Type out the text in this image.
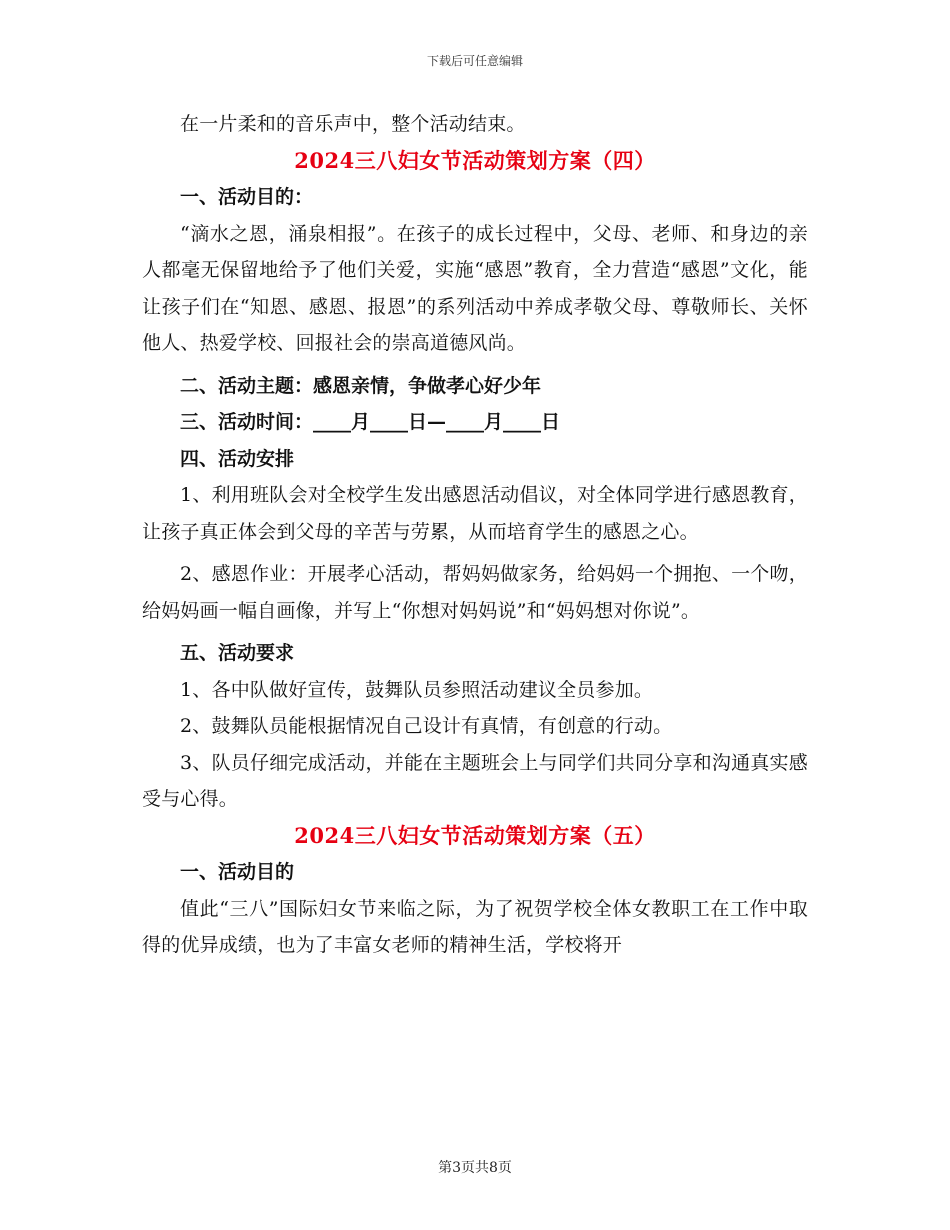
下载后可任意编辑

在一片柔和的音乐声中，整个活动结束。

2024三八妇女节活动策划方案（四）

一、活动目的：

“滴水之恩，涌泉相报”。在孩子的成长过程中，父母、老师、和身边的亲人都毫无保留地给予了他们关爱，实施“感恩”教育，全力营造“感恩”文化，能让孩子们在“知恩、感恩、报恩”的系列活动中养成孝敬父母、尊敬师长、关怀他人、热爱学校、回报社会的崇高道德风尚。

二、活动主题：感恩亲情，争做孝心好少年

三、活动时间：____月____日—____月____日

四、活动安排

1、利用班队会对全校学生发出感恩活动倡议，对全体同学进行感恩教育，让孩子真正体会到父母的辛苦与劳累，从而培育学生的感恩之心。

2、感恩作业：开展孝心活动，帮妈妈做家务，给妈妈一个拥抱、一个吻，给妈妈画一幅自画像，并写上“你想对妈妈说”和“妈妈想对你说”。

五、活动要求

1、各中队做好宣传，鼓舞队员参照活动建议全员参加。

2、鼓舞队员能根据情况自己设计有真情，有创意的行动。

3、队员仔细完成活动，并能在主题班会上与同学们共同分享和沟通真实感受与心得。

2024三八妇女节活动策划方案（五）

一、活动目的

值此“三八”国际妇女节来临之际，为了祝贺学校全体女教职工在工作中取得的优异成绩，也为了丰富女老师的精神生活，学校将开

第3页共8页
